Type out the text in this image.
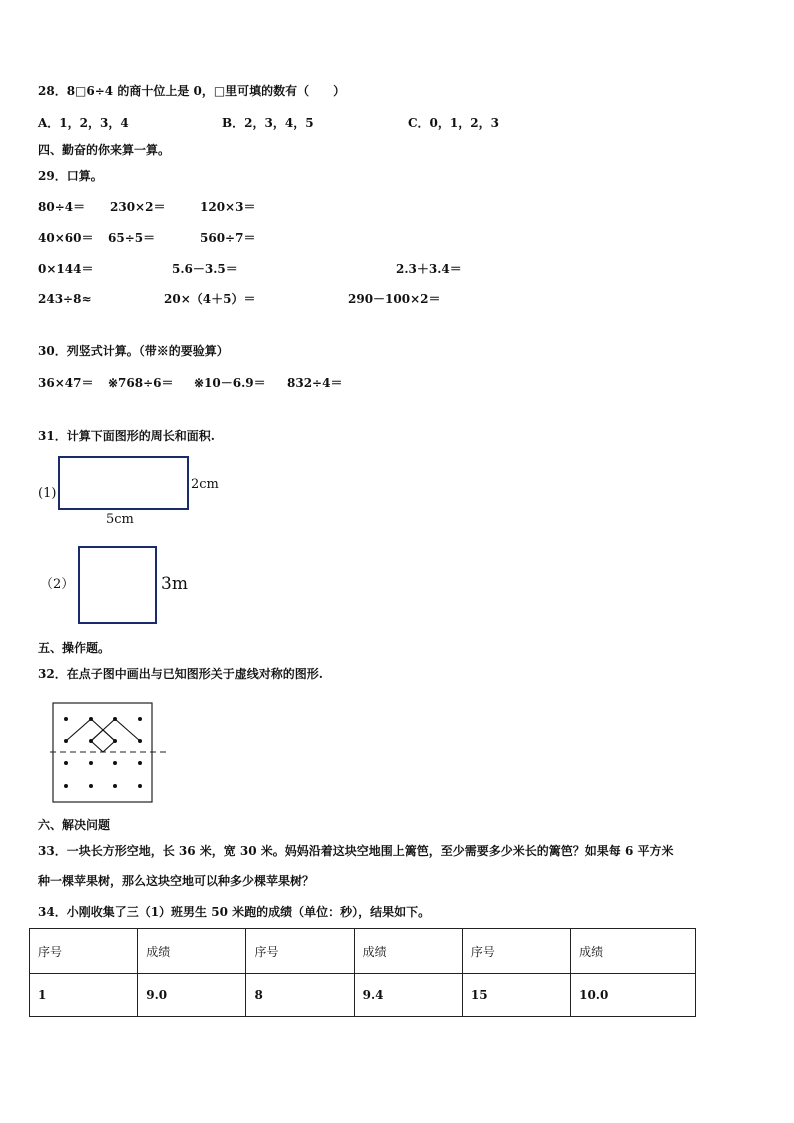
28．8□6÷4 的商十位上是 0，□里可填的数有（　　）
A．1，2，3，4	B．2，3，4，5	C．0，1，2，3
四、勤奋的你来算一算。
29．口算。
80÷4＝ 230×2＝	120×3＝
40×60＝ 65÷5＝	560÷7＝
0×144＝	5.6－3.5＝	2.3＋3.4＝
243÷8≈	20×（4＋5）＝	290－100×2＝
30．列竖式计算。（带※的要验算）
36×47＝ ※768÷6＝ ※10－6.9＝ 832÷4＝
31．计算下面图形的周长和面积.
(1)
2cm
5cm
（2）	3m
五、操作题。
32．在点子图中画出与已知图形关于虚线对称的图形.
六、解决问题
33．一块长方形空地，长 36 米，宽 30 米。妈妈沿着这块空地围上篱笆，至少需要多少米长的篱笆？如果每 6 平方米
种一棵苹果树，那么这块空地可以种多少棵苹果树？
34．小刚收集了三（1）班男生 50 米跑的成绩（单位：秒），结果如下。
序号	成绩	序号	成绩	序号	成绩
1	9.0	8	9.4	15	10.0
